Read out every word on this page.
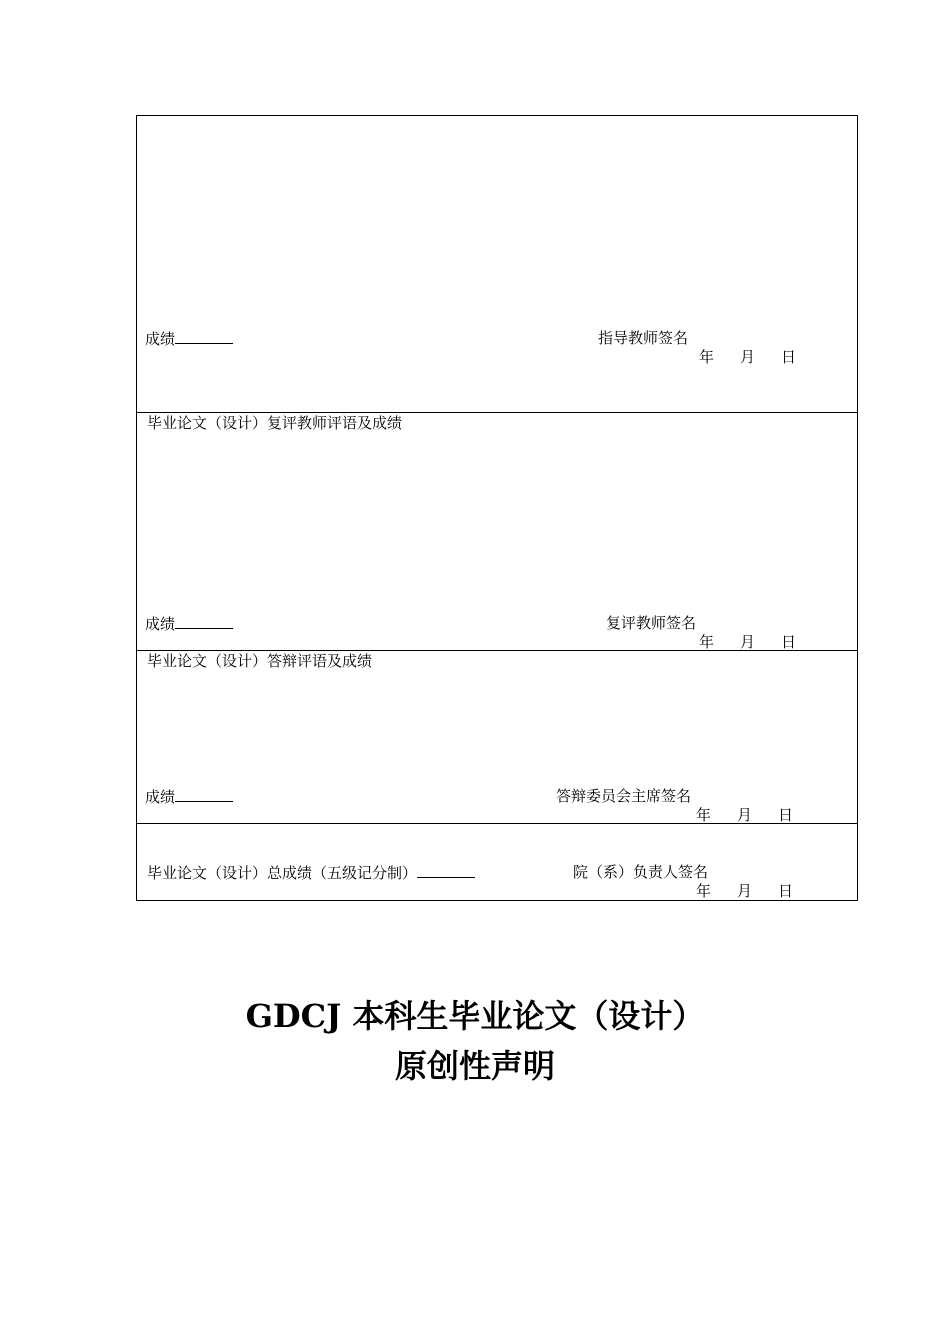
成绩	指导教师签名
年 月 日
毕业论文（设计）复评教师评语及成绩
成绩	复评教师签名
年 月 日
毕业论文（设计）答辩评语及成绩
成绩	答辩委员会主席签名
年 月 日
毕业论文（设计）总成绩（五级记分制）	院（系）负责人签名
年 月 日
GDCJ 本科生毕业论文（设计）
原创性声明
